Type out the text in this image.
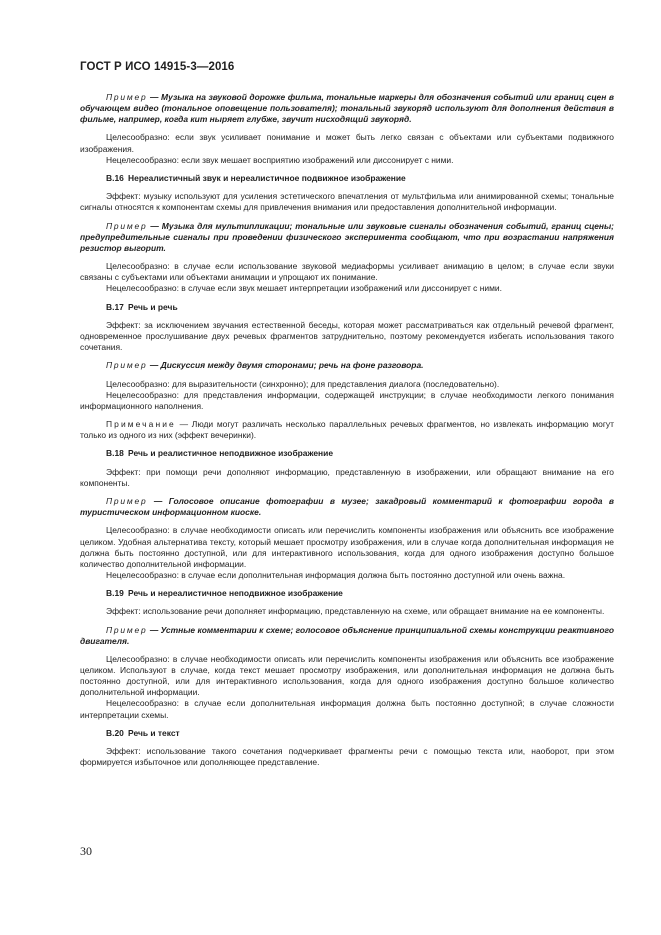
ГОСТ Р ИСО 14915-3—2016

Пример — Музыка на звуковой дорожке фильма, тональные маркеры для обозначения событий или границ сцен в обучающем видео (тональное оповещение пользователя); тональный звукоряд используют для дополнения действия в фильме, например, когда кит ныряет глубже, звучит нисходящий звукоряд.

Целесообразно: если звук усиливает понимание и может быть легко связан с объектами или субъектами подвижного изображения.

Нецелесообразно: если звук мешает восприятию изображений или диссонирует с ними.

B.16  Нереалистичный звук и нереалистичное подвижное изображение

Эффект: музыку используют для усиления эстетического впечатления от мультфильма или анимированной схемы; тональные сигналы относятся к компонентам схемы для привлечения внимания или предоставления дополнительной информации.

Пример — Музыка для мультипликации; тональные или звуковые сигналы обозначения событий, границ сцены; предупредительные сигналы при проведении физического эксперимента сообщают, что при возрастании напряжения резистор выгорит.

Целесообразно: в случае если использование звуковой медиаформы усиливает анимацию в целом; в случае если звуки связаны с субъектами или объектами анимации и упрощают их понимание.

Нецелесообразно: в случае если звук мешает интерпретации изображений или диссонирует с ними.

B.17  Речь и речь

Эффект: за исключением звучания естественной беседы, которая может рассматриваться как отдельный речевой фрагмент, одновременное прослушивание двух речевых фрагментов затруднительно, поэтому рекомендуется избегать использования такого сочетания.

Пример — Дискуссия между двумя сторонами; речь на фоне разговора.

Целесообразно: для выразительности (синхронно); для представления диалога (последовательно).

Нецелесообразно: для представления информации, содержащей инструкции; в случае необходимости легкого понимания информационного наполнения.

Примечание — Люди могут различать несколько параллельных речевых фрагментов, но извлекать информацию могут только из одного из них (эффект вечеринки).

B.18  Речь и реалистичное неподвижное изображение

Эффект: при помощи речи дополняют информацию, представленную в изображении, или обращают внимание на его компоненты.

Пример — Голосовое описание фотографии в музее; закадровый комментарий к фотографии города в туристическом информационном киоске.

Целесообразно: в случае необходимости описать или перечислить компоненты изображения или объяснить все изображение целиком. Удобная альтернатива тексту, который мешает просмотру изображения, или в случае когда дополнительная информация не должна быть постоянно доступной, или для интерактивного использования, когда для одного изображения доступно большое количество дополнительной информации.

Нецелесообразно: в случае если дополнительная информация должна быть постоянно доступной или очень важна.

B.19  Речь и нереалистичное неподвижное изображение

Эффект: использование речи дополняет информацию, представленную на схеме, или обращает внимание на ее компоненты.

Пример — Устные комментарии к схеме; голосовое объяснение принципиальной схемы конструкции реактивного двигателя.

Целесообразно: в случае необходимости описать или перечислить компоненты изображения или объяснить все изображение целиком. Используют в случае, когда текст мешает просмотру изображения, или дополнительная информация не должна быть постоянно доступной, или для интерактивного использования, когда для одного изображения доступно большое количество дополнительной информации.

Нецелесообразно: в случае если дополнительная информация должна быть постоянно доступной; в случае сложности интерпретации схемы.

B.20  Речь и текст

Эффект: использование такого сочетания подчеркивает фрагменты речи с помощью текста или, наоборот, при этом формируется избыточное или дополняющее представление.

30
